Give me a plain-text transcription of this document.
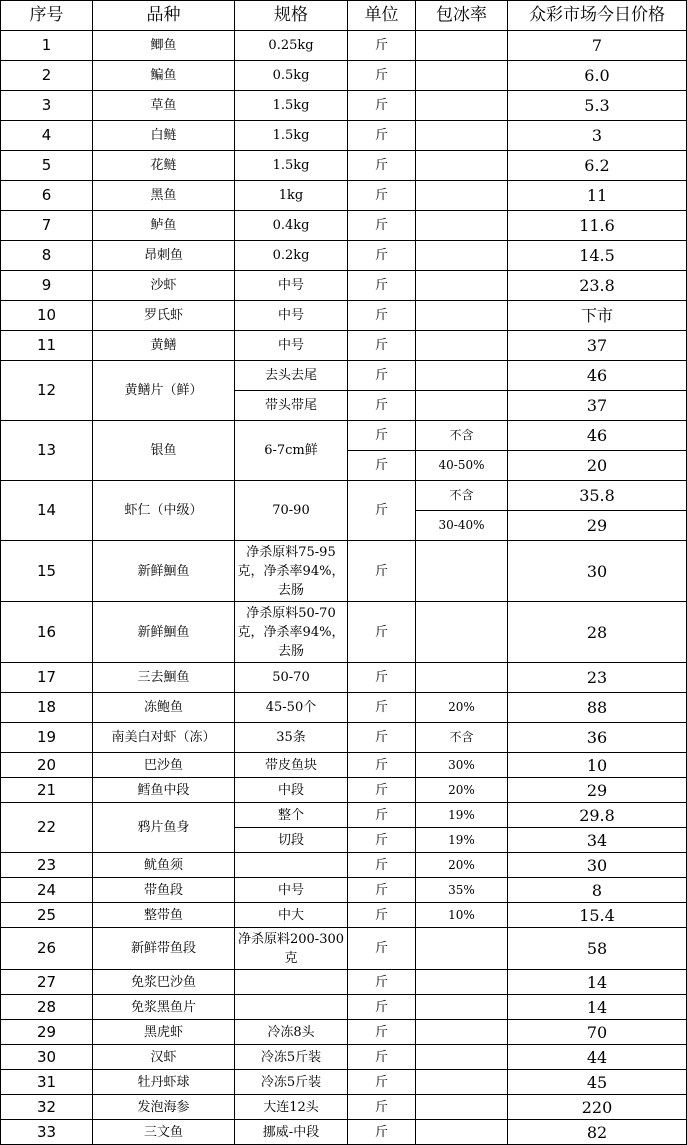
序号	品种	规格	单位	包冰率	众彩市场今日价格
1	鲫鱼	0.25kg	斤		7
2	鳊鱼	0.5kg	斤		6.0
3	草鱼	1.5kg	斤		5.3
4	白鲢	1.5kg	斤		3
5	花鲢	1.5kg	斤		6.2
6	黑鱼	1kg	斤		11
7	鲈鱼	0.4kg	斤		11.6
8	昂刺鱼	0.2kg	斤		14.5
9	沙虾	中号	斤		23.8
10	罗氏虾	中号	斤		下市
11	黄鳝	中号	斤		37
12	黄鳝片（鲜）	去头去尾	斤		46
		带头带尾	斤		37
13	银鱼	6-7cm鲜	斤	不含	46
			斤	40-50%	20
14	虾仁（中级）	70-90	斤	不含	35.8
				30-40%	29
15	新鲜鮰鱼	净杀原料75-95克，净杀率94%，去肠	斤		30
16	新鲜鮰鱼	净杀原料50-70克，净杀率94%，去肠	斤		28
17	三去鮰鱼	50-70	斤		23
18	冻鲍鱼	45-50个	斤	20%	88
19	南美白对虾（冻）	35条	斤	不含	36
20	巴沙鱼	带皮鱼块	斤	30%	10
21	鳕鱼中段	中段	斤	20%	29
22	鸦片鱼身	整个	斤	19%	29.8
		切段	斤	19%	34
23	鱿鱼须		斤	20%	30
24	带鱼段	中号	斤	35%	8
25	整带鱼	中大	斤	10%	15.4
26	新鲜带鱼段	净杀原料200-300克	斤		58
27	免浆巴沙鱼		斤		14
28	免浆黑鱼片		斤		14
29	黑虎虾	冷冻8头	斤		70
30	汉虾	冷冻5斤装	斤		44
31	牡丹虾球	冷冻5斤装	斤		45
32	发泡海参	大连12头	斤		220
33	三文鱼	挪威-中段	斤		82
